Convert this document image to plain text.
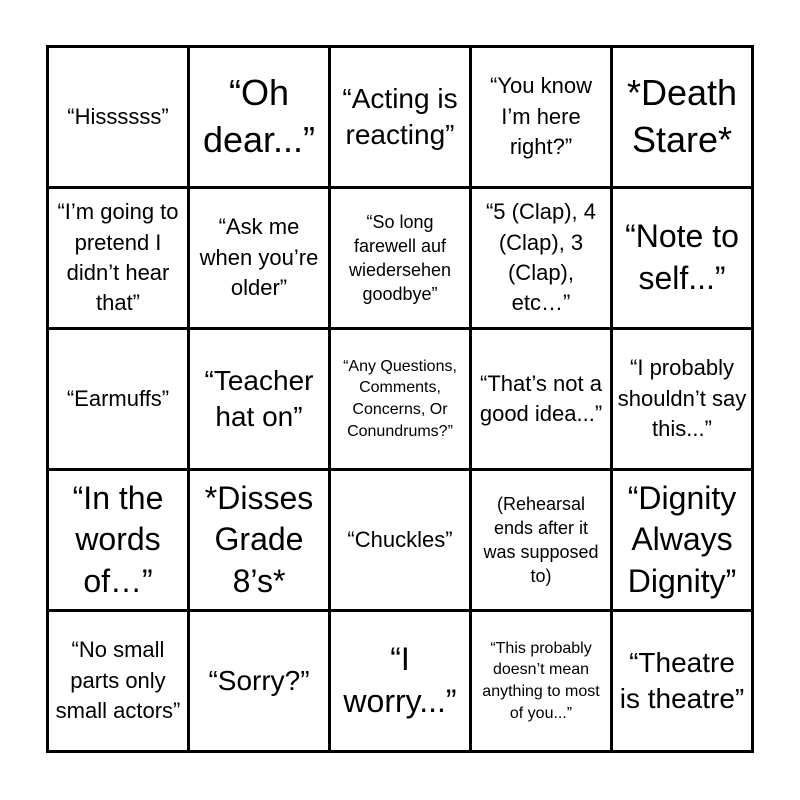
“Hissssss”
“Oh dear...”
“Acting is reacting”
“You know I’m here right?”
*Death Stare*
“I’m going to pretend I didn’t hear that”
“Ask me when you’re older”
“So long farewell auf wiedersehen goodbye”
“5 (Clap), 4 (Clap), 3 (Clap), etc…”
“Note to self...”
“Earmuffs”
“Teacher hat on”
“Any Questions, Comments, Concerns, Or Conundrums?”
“That’s not a good idea...”
“I probably shouldn’t say this...”
“In the words of…”
*Disses Grade 8’s*
“Chuckles”
(Rehearsal ends after it was supposed to)
“Dignity Always Dignity”
“No small parts only small actors”
“Sorry?”
“I worry...”
“This probably doesn’t mean anything to most of you...”
“Theatre is theatre”
